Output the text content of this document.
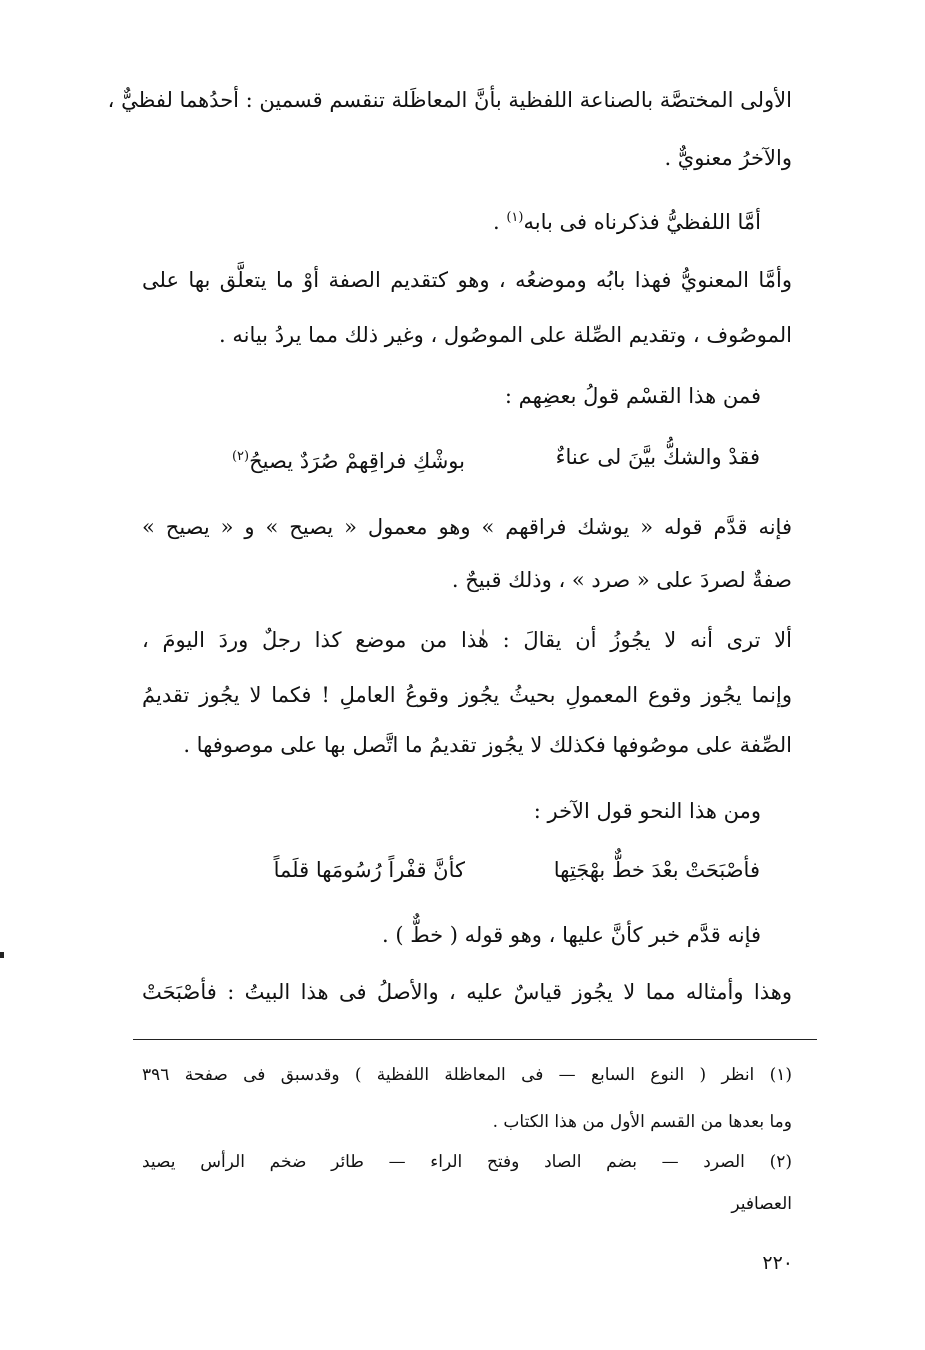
الأولى المختصَّة بالصناعة اللفظية بأنَّ المعاظَلة تنقسم قسمين : أحدُهما لفظيٌّ ،
والآخرُ معنويٌّ .
أمَّا اللفظيُّ فذكرناه فى بابه$^{(١)}$ .
وأمَّا المعنويُّ فهذا بابُه وموضعُه ، وهو كتقديم الصفة أوْ ما يتعلَّق بها على
الموصُوف ، وتقديم الصِّلة على الموصُول ، وغير ذلك مما يردُ بيانه .
فمن هذا القسْم قولُ بعضِهم :
فقدْ والشكُّ بيَّنَ لى عناءٌ
بوشْكِ فراقِهمْ صُرَدٌ يصيحُ$^{(٢)}$
فإنه قدَّم قوله « يوشك فراقهم » وهو معمول « يصيح » و « يصيح »
صفةٌ لصردَ على « صرد » ، وذلك قبيحٌ .
ألا ترى أنه لا يجُوزُ أن يقالَ : هٰذا من موضع كذا رجلٌ وردَ اليومَ ،
وإنما يجُوز وقوع المعمولِ بحيثُ يجُوز وقوعُ العاملِ ! فكما لا يجُوز تقديمُ
الصِّفة على موصُوفها فكذلك لا يجُوز تقديمُ ما اتَّصل بها على موصوفها .
ومن هذا النحو قول الآخر :
فأصْبَحَتْ بعْدَ خطٌّ بهْجَتِها
كأنَّ قفْراً رُسُومَها قلَماً
فإنه قدَّم خبر كأنَّ عليها ، وهو قوله ( خطٌّ ) .
وهذا وأمثاله مما لا يجُوز قياسٌ عليه ، والأصلُ فى هذا البيتُ : فأصْبَحَتْ
(١) انظر ( النوع السابع — فى المعاظلة اللفظية ) وقدسبق فى صفحة ٣٩٦
وما بعدها من القسم الأول من هذا الكتاب .
(٢) الصرد — بضم الصاد وفتح الراء — طائر ضخم الرأس يصيد
العصافير
٢٢٠
